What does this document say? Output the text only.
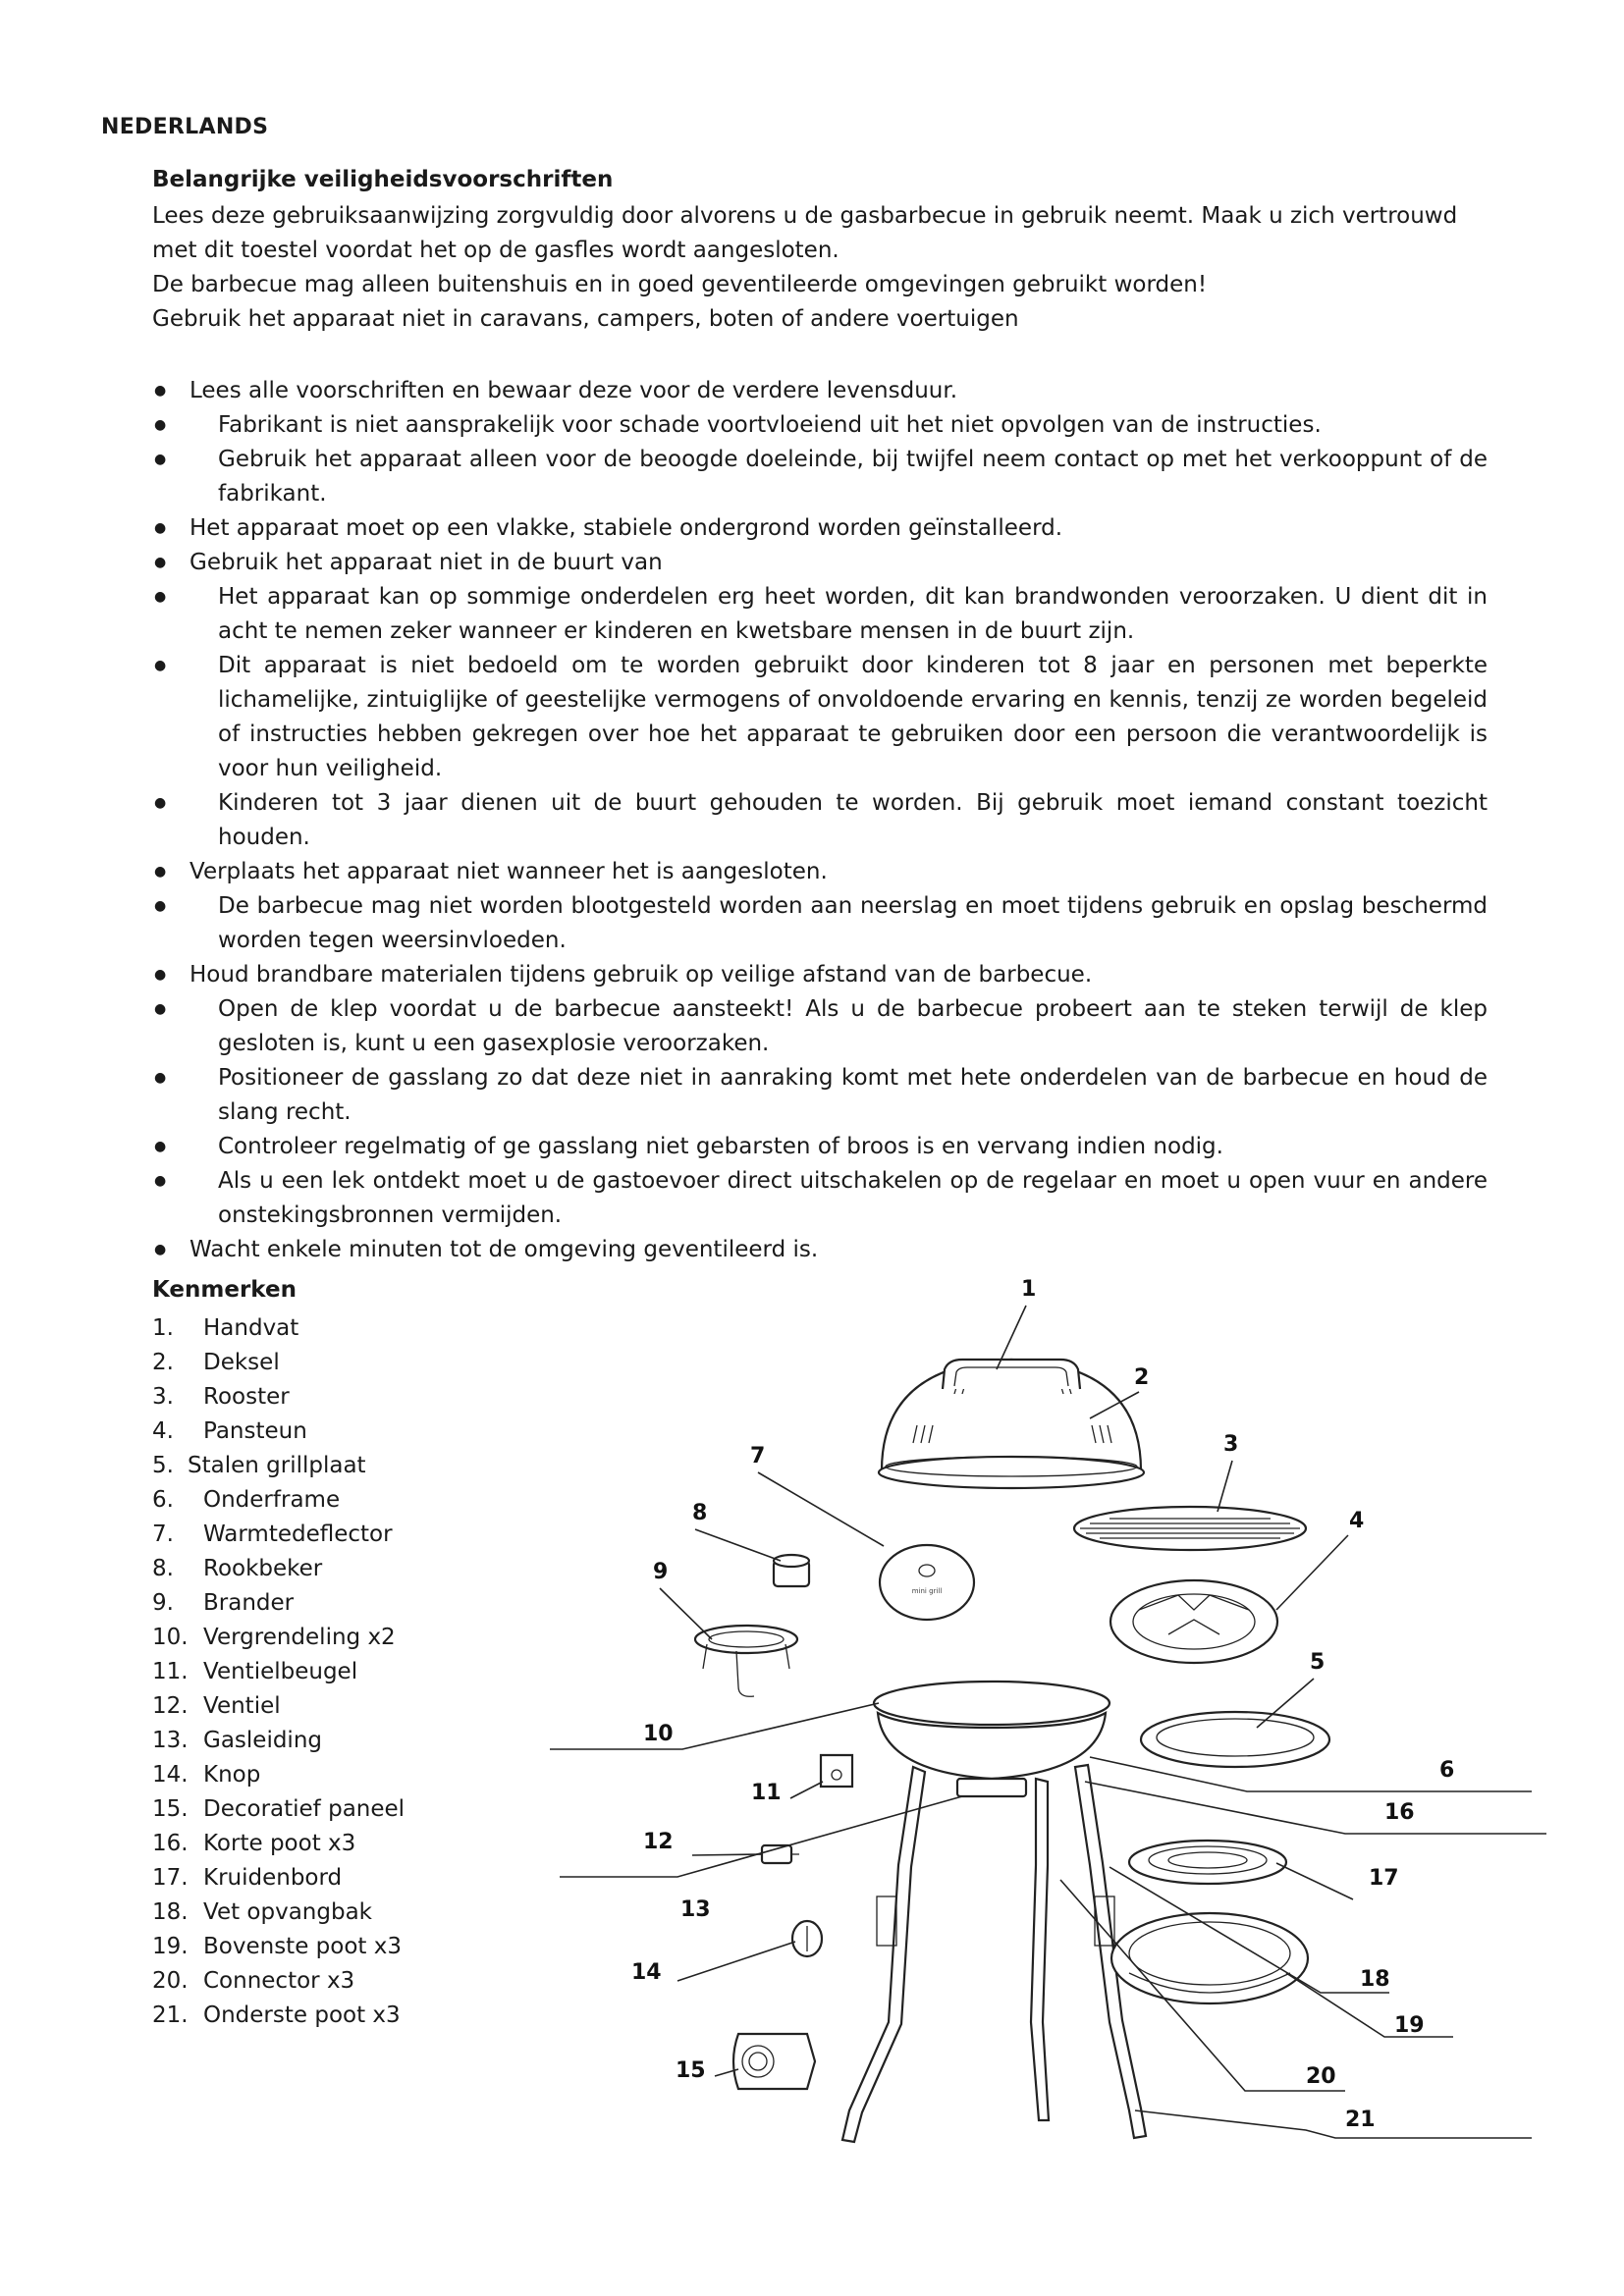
NEDERLANDS
Belangrijke veiligheidsvoorschriften

Lees deze gebruiksaanwijzing zorgvuldig door alvorens u de gasbarbecue in gebruik neemt. Maak u zich vertrouwd met dit toestel voordat het op de gasfles wordt aangesloten.

De barbecue mag alleen buitenshuis en in goed geventileerde omgevingen gebruikt worden!

Gebruik het apparaat niet in caravans, campers, boten of andere voertuigen

● Lees alle voorschriften en bewaar deze voor de verdere levensduur.
● Fabrikant is niet aansprakelijk voor schade voortvloeiend uit het niet opvolgen van de instructies.
● Gebruik het apparaat alleen voor de beoogde doeleinde, bij twijfel neem contact op met het verkooppunt of de fabrikant.
● Het apparaat moet op een vlakke, stabiele ondergrond worden geïnstalleerd.
● Gebruik het apparaat niet in de buurt van
● Het apparaat kan op sommige onderdelen erg heet worden, dit kan brandwonden veroorzaken. U dient dit in acht te nemen zeker wanneer er kinderen en kwetsbare mensen in de buurt zijn.
● Dit apparaat is niet bedoeld om te worden gebruikt door kinderen tot 8 jaar en personen met beperkte lichamelijke, zintuiglijke of geestelijke vermogens of onvoldoende ervaring en kennis, tenzij ze worden begeleid of instructies hebben gekregen over hoe het apparaat te gebruiken door een persoon die verantwoordelijk is voor hun veiligheid.
● Kinderen tot 3 jaar dienen uit de buurt gehouden te worden. Bij gebruik moet iemand constant toezicht houden.
● Verplaats het apparaat niet wanneer het is aangesloten.
● De barbecue mag niet worden blootgesteld worden aan neerslag en moet tijdens gebruik en opslag beschermd worden tegen weersinvloeden.
● Houd brandbare materialen tijdens gebruik op veilige afstand van de barbecue.
● Open de klep voordat u de barbecue aansteekt! Als u de barbecue probeert aan te steken terwijl de klep gesloten is, kunt u een gasexplosie veroorzaken.
● Positioneer de gasslang zo dat deze niet in aanraking komt met hete onderdelen van de barbecue en houd de slang recht.
● Controleer regelmatig of ge gasslang niet gebarsten of broos is en vervang indien nodig.
● Als u een lek ontdekt moet u de gastoevoer direct uitschakelen op de regelaar en moet u open vuur en andere onstekingsbronnen vermijden.
● Wacht enkele minuten tot de omgeving geventileerd is.
Kenmerken
1.	Handvat
2.	Deksel
3.	Rooster
4.	Pansteun
5. Stalen grillplaat
6.	Onderframe
7.	Warmtedeflector
8.	Rookbeker
9.	Brander
10. Vergrendeling x2
11. Ventielbeugel
12. Ventiel
13. Gasleiding
14. Knop
15. Decoratief paneel
16. Korte poot x3
17. Kruidenbord
18. Vet opvangbak
19. Bovenste poot x3
20. Connector x3
21. Onderste poot x3
mini grill
1
2
3
4
5
6
7
8
9
10
11
12
13
14
15
16
17
18
19
20
21
